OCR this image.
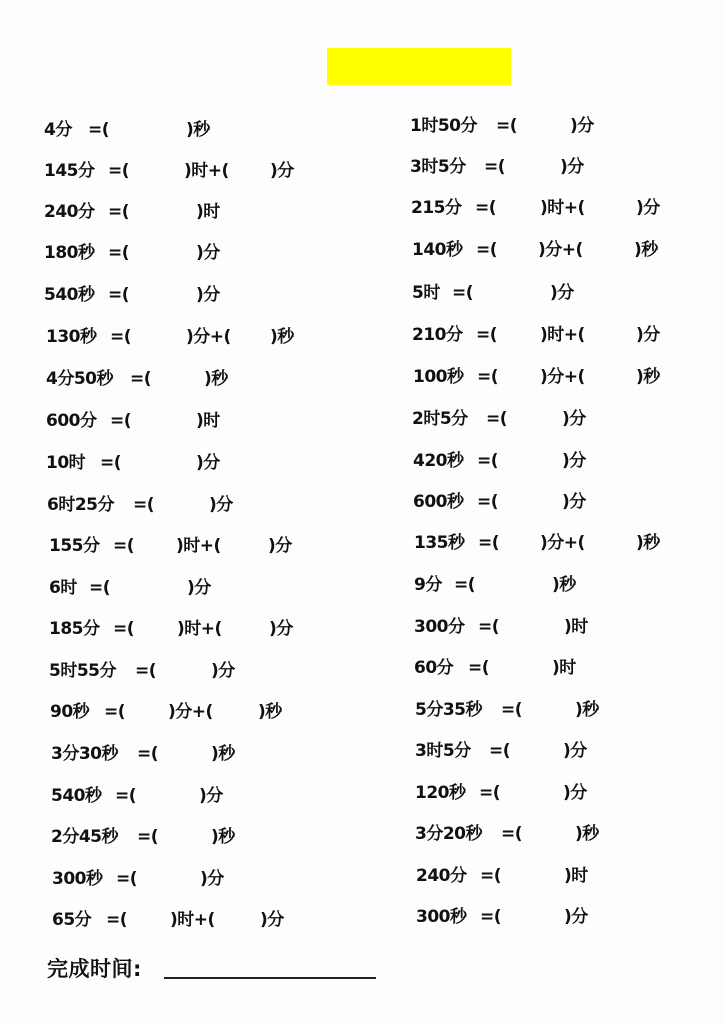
4分 =(	)秒
145分 =(	)时+( )分
240分 =(	)时
180秒 =(	)分
540秒 =(	)分
130秒 =(	)分+( )秒
4分50秒 =(	)秒
600分 =(	)时
10时 =(	)分
6时25分 =(	)分
155分 =( )时+(	)分
6时 =(	)分
185分 =(	)时+(	)分
5时55分 =(	)分
90秒 =(	)分+(	)秒
3分30秒 =(	)秒
540秒 =(	)分
2分45秒 =(	)秒
300秒 =(	)分
65分 =(	)时+(	)分
1时50分 =(	)分
3时5分 =(	)分
215分 =(	)时+(	)分
140秒 =( )分+(	)秒
5时 =(	)分
210分 =(	)时+(	)分
100秒 =( )分+(	)秒
2时5分 =(	)分
420秒 =(	)分
600秒 =(	)分
135秒 =( )分+(	)秒
9分 =(	)秒
300分 =(	)时
60分 =(	)时
5分35秒 =(	)秒
3时5分 =(	)分
120秒 =(	)分
3分20秒 =(	)秒
240分 =(	)时
300秒 =(	)分
完成时间:
